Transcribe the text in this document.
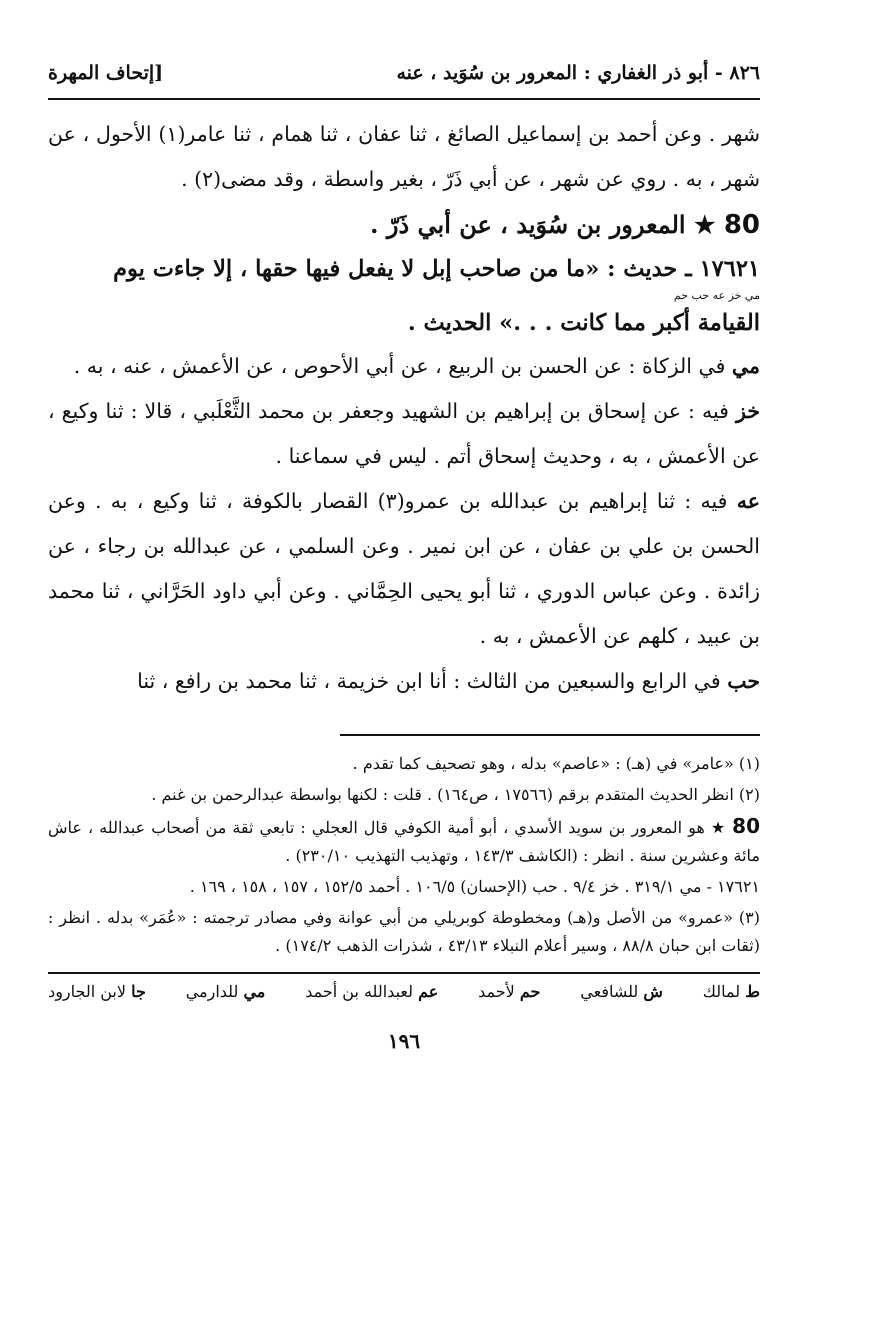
[إتحاف المهرة	٨٢٦ - أبو ذر الغفاري : المعرور بن سُوَيد ، عنه

شهر . وعن أحمد بن إسماعيل الصائغ ، ثنا عفان ، ثنا همام ، ثنا عامر(١) الأحول ، عن شهر ، به . روي عن شهر ، عن أبي ذَرّ ، بغير واسطة ، وقد مضى(٢) .

80 ★ المعرور بن سُوَيد ، عن أبي ذَرّ .

١٧٦٢١ ـ حديث : «ما من صاحب إبل لا يفعل فيها حقها ، إلا جاءت يوم
مي خز عه حب حم
القيامة أكبر مما كانت . . .» الحديث .

مي في الزكاة : عن الحسن بن الربيع ، عن أبي الأحوص ، عن الأعمش ، عنه ، به .

خز فيه : عن إسحاق بن إبراهيم بن الشهيد وجعفر بن محمد الثَّعْلَبي ، قالا : ثنا وكيع ، عن الأعمش ، به ، وحديث إسحاق أتم . ليس في سماعنا .

عه فيه : ثنا إبراهيم بن عبدالله بن عمرو(٣) القصار بالكوفة ، ثنا وكيع ، به . وعن الحسن بن علي بن عفان ، عن ابن نمير . وعن السلمي ، عن عبدالله بن رجاء ، عن زائدة . وعن عباس الدوري ، ثنا أبو يحيى الحِمَّاني . وعن أبي داود الحَرَّاني ، ثنا محمد بن عبيد ، كلهم عن الأعمش ، به .

حب في الرابع والسبعين من الثالث : أنا ابن خزيمة ، ثنا محمد بن رافع ، ثنا

(١) «عامر» في (هـ) : «عاصم» بدله ، وهو تصحيف كما تقدم .

(٢) انظر الحديث المتقدم برقم (١٧٥٦٦ ، ص١٦٤) . قلت : لكنها بواسطة عبدالرحمن بن غنم .

80 ★ هو المعرور بن سويد الأسدي ، أبو أمية الكوفي قال العجلي : تابعي ثقة من أصحاب عبدالله ، عاش مائة وعشرين سنة . انظر : (الكاشف ١٤٣/٣ ، وتهذيب التهذيب ٢٣٠/١٠) .

١٧٦٢١ - مي ٣١٩/١ . خز ٩/٤ . حب (الإحسان) ١٠٦/٥ . أحمد ١٥٢/٥ ، ١٥٧ ، ١٥٨ ، ١٦٩ .

(٣) «عمرو» من الأصل و(هـ) ومخطوطة كوبريلي من أبي عوانة وفي مصادر ترجمته : «عُمَر» بدله . انظر : (ثقات ابن حبان ٨٨/٨ ، وسير أعلام النبلاء ٤٣/١٣ ، شذرات الذهب ١٧٤/٢) .

ط لمالك
ش للشافعي
حم لأحمد
عم لعبدالله بن أحمد
مي للدارمي
جا لابن الجارود
١٩٦
